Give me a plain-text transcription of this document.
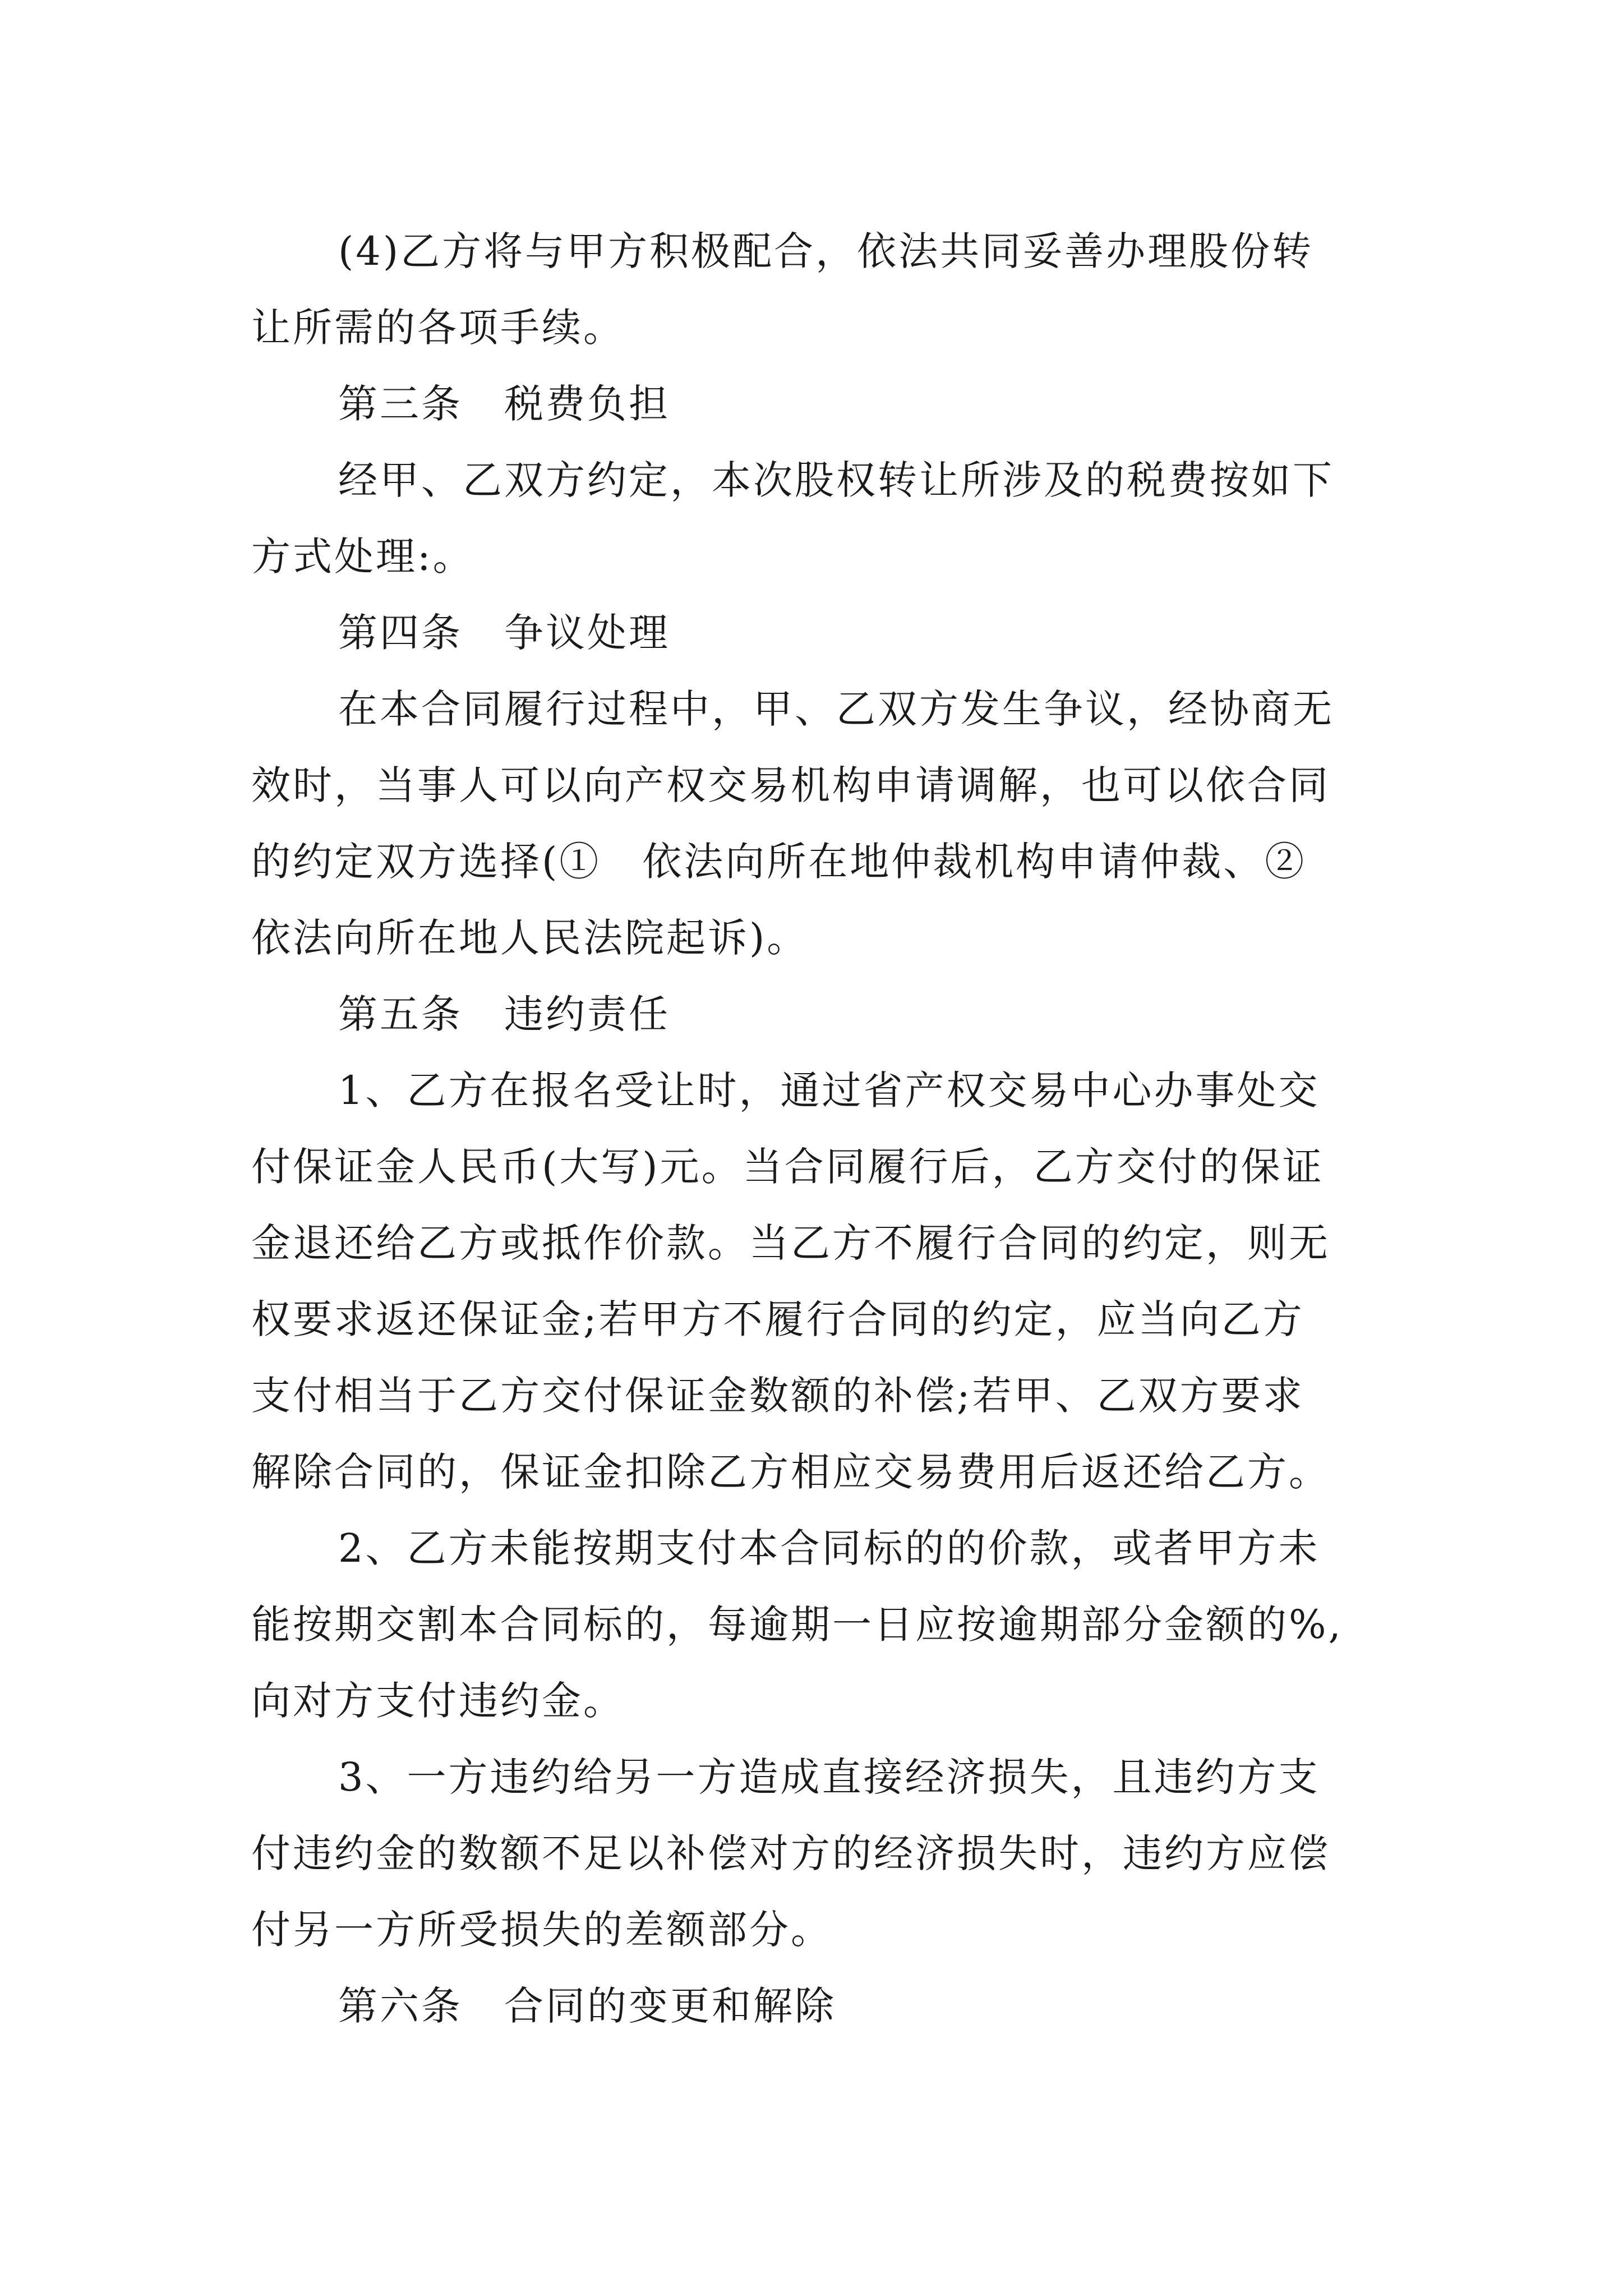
(4)乙方将与甲方积极配合，依法共同妥善办理股份转
让所需的各项手续。
第三条　税费负担
经甲、乙双方约定，本次股权转让所涉及的税费按如下
方式处理:。
第四条　争议处理
在本合同履行过程中，甲、乙双方发生争议，经协商无
效时，当事人可以向产权交易机构申请调解，也可以依合同
的约定双方选择(①　依法向所在地仲裁机构申请仲裁、②
依法向所在地人民法院起诉)。
第五条　违约责任
1、乙方在报名受让时，通过省产权交易中心办事处交
付保证金人民币(大写)元。当合同履行后，乙方交付的保证
金退还给乙方或抵作价款。当乙方不履行合同的约定，则无
权要求返还保证金;若甲方不履行合同的约定，应当向乙方
支付相当于乙方交付保证金数额的补偿;若甲、乙双方要求
解除合同的，保证金扣除乙方相应交易费用后返还给乙方。
2、乙方未能按期支付本合同标的的价款，或者甲方未
能按期交割本合同标的，每逾期一日应按逾期部分金额的%,
向对方支付违约金。
3、一方违约给另一方造成直接经济损失，且违约方支
付违约金的数额不足以补偿对方的经济损失时，违约方应偿
付另一方所受损失的差额部分。
第六条　合同的变更和解除
